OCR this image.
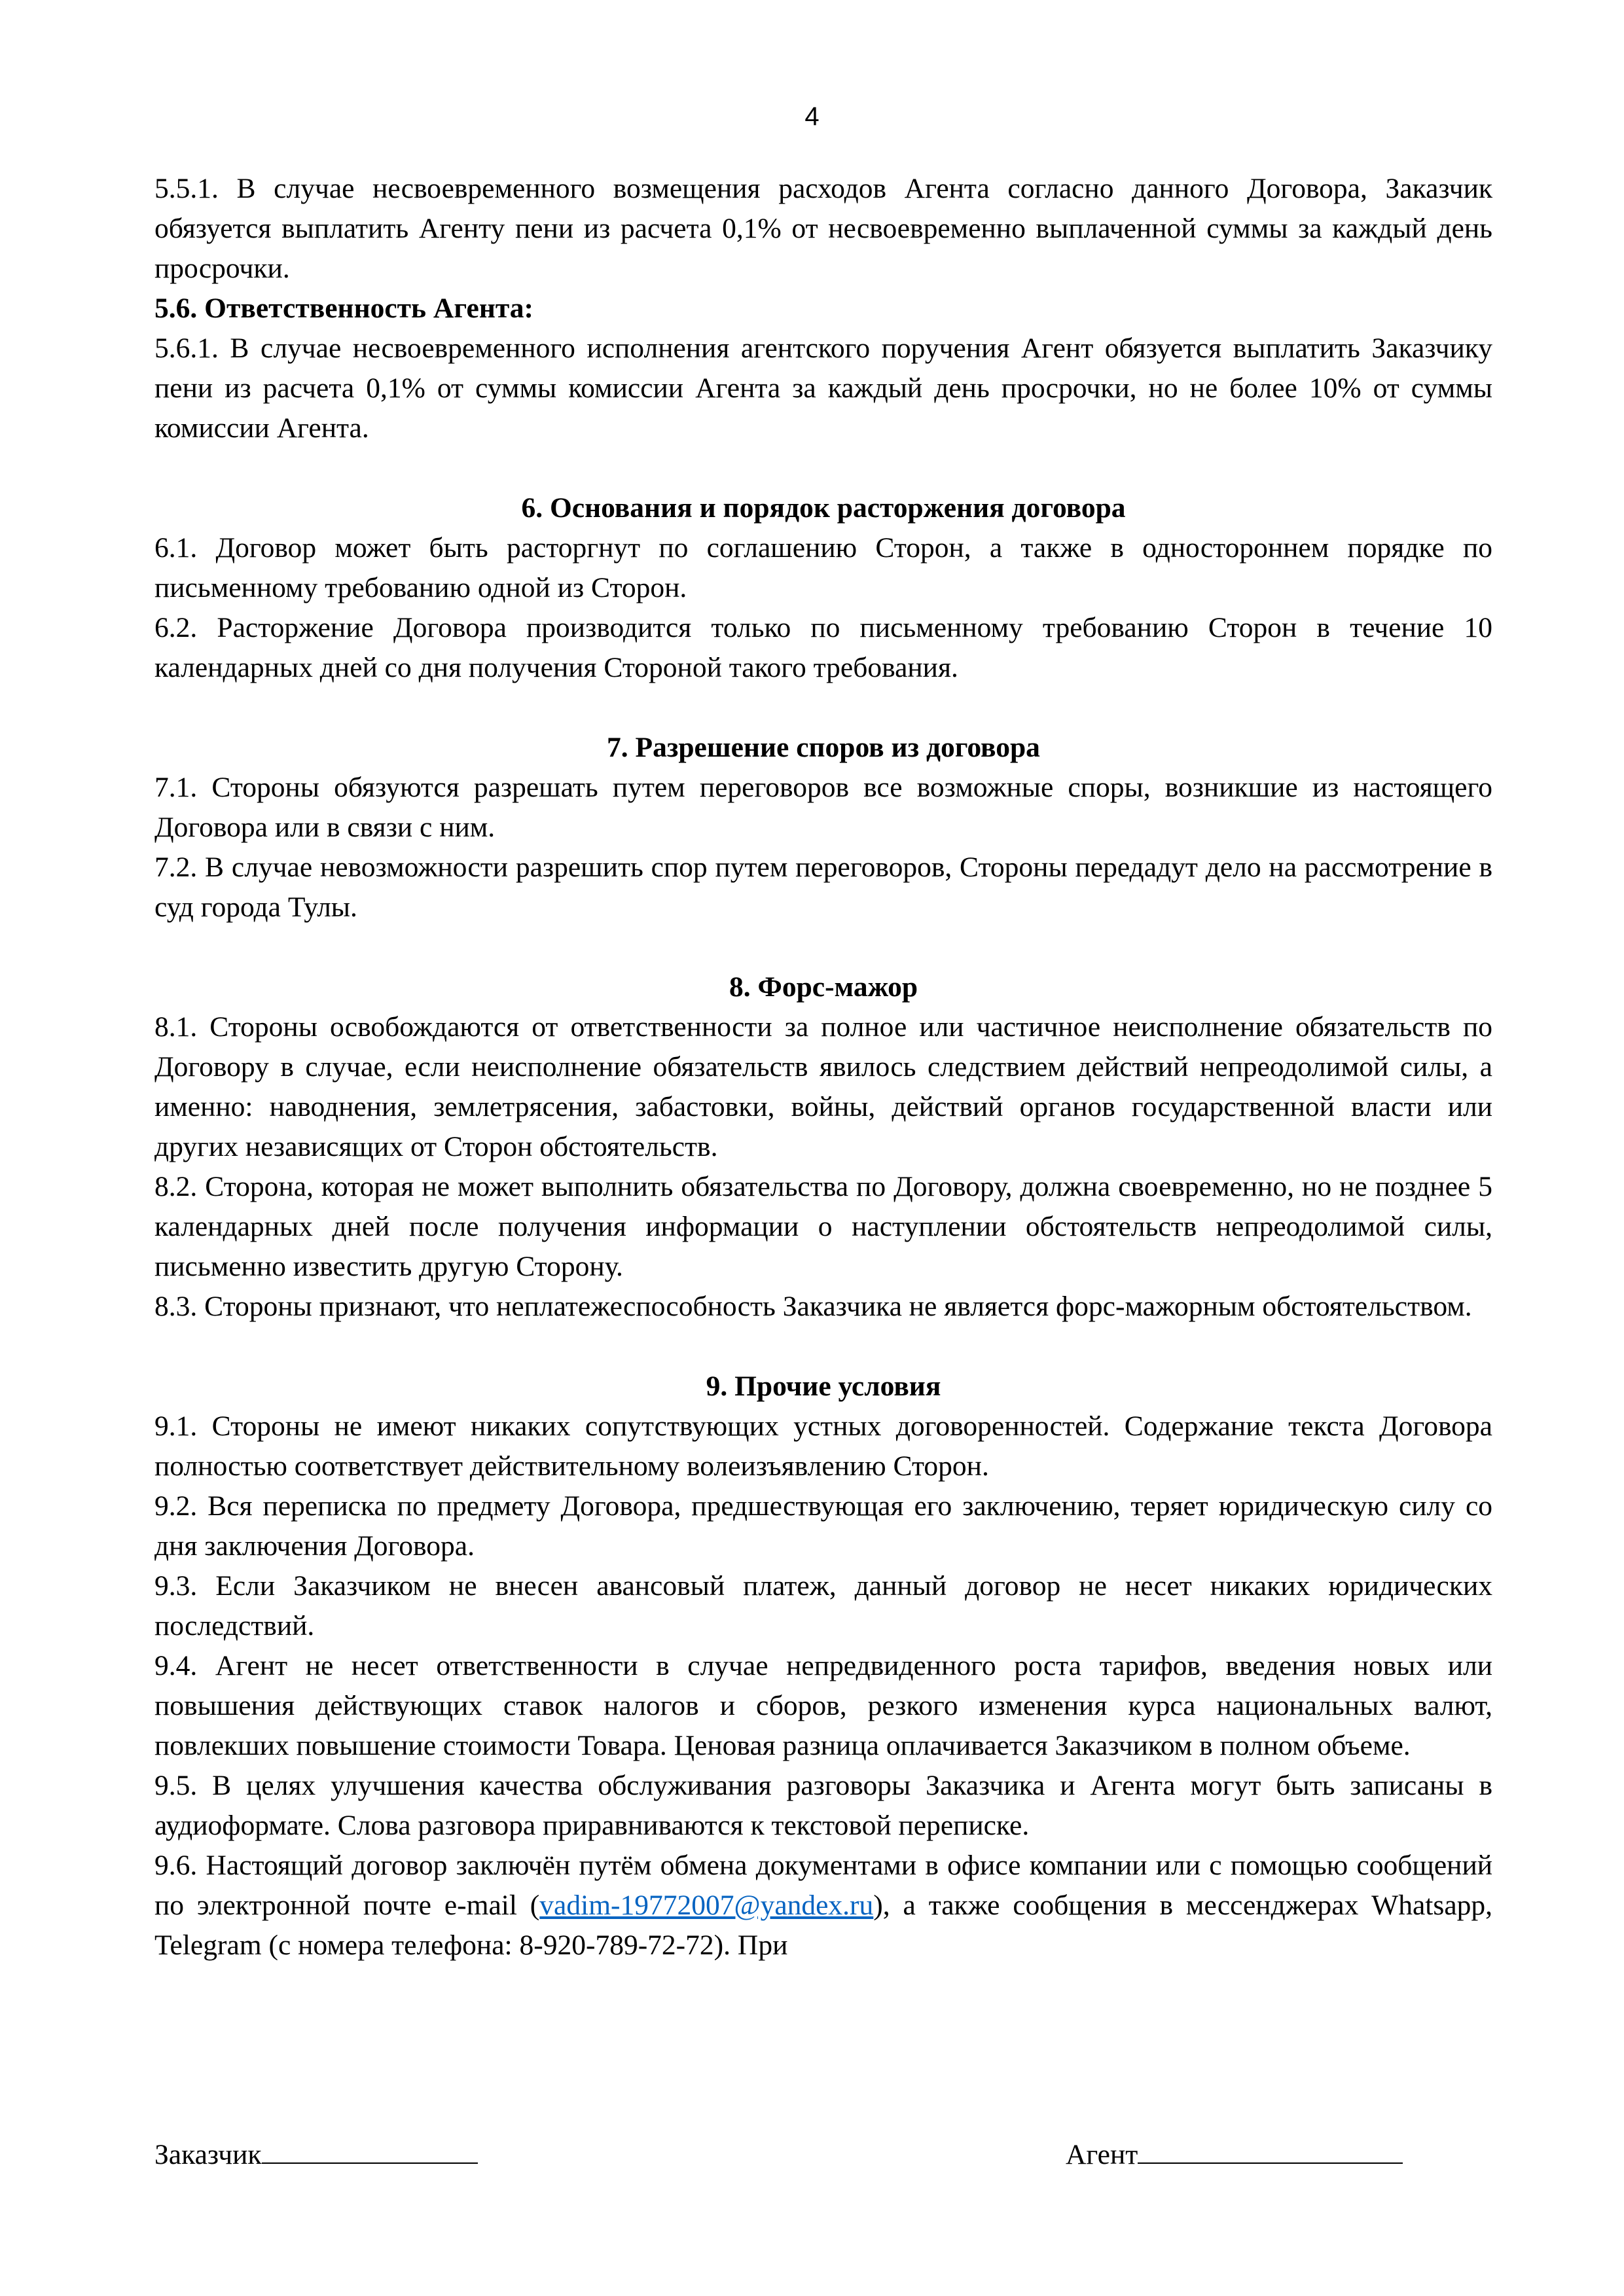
4

5.5.1. В случае несвоевременного возмещения расходов Агента согласно данного Договора, Заказчик обязуется выплатить Агенту пени из расчета 0,1% от несвоевременно выплаченной суммы за каждый день просрочки.

5.6. Ответственность Агента:

5.6.1. В случае несвоевременного исполнения агентского поручения Агент обязуется выплатить Заказчику пени из расчета 0,1% от суммы комиссии Агента за каждый день просрочки, но не более 10% от суммы комиссии Агента.

6. Основания и порядок расторжения договора

6.1. Договор может быть расторгнут по соглашению Сторон, а также в одностороннем порядке по письменному требованию одной из Сторон.

6.2. Расторжение Договора производится только по письменному требованию Сторон в течение 10 календарных дней со дня получения Стороной такого требования.

7. Разрешение споров из договора

7.1. Стороны обязуются разрешать путем переговоров все возможные споры, возникшие из настоящего Договора или в связи с ним.

7.2. В случае невозможности разрешить спор путем переговоров, Стороны передадут дело на рассмотрение в суд города Тулы.

8. Форс-мажор

8.1. Стороны освобождаются от ответственности за полное или частичное неисполнение обязательств по Договору в случае, если неисполнение обязательств явилось следствием действий непреодолимой силы, а именно: наводнения, землетрясения, забастовки, войны, действий органов государственной власти или других независящих от Сторон обстоятельств.

8.2. Сторона, которая не может выполнить обязательства по Договору, должна своевременно, но не позднее 5 календарных дней после получения информации о наступлении обстоятельств непреодолимой силы, письменно известить другую Сторону.

8.3. Стороны признают, что неплатежеспособность Заказчика не является форс-мажорным обстоятельством.

9. Прочие условия

9.1. Стороны не имеют никаких сопутствующих устных договоренностей. Содержание текста Договора полностью соответствует действительному волеизъявлению Сторон.

9.2. Вся переписка по предмету Договора, предшествующая его заключению, теряет юридическую силу со дня заключения Договора.

9.3. Если Заказчиком не внесен авансовый платеж, данный договор не несет никаких юридических последствий.

9.4. Агент не несет ответственности в случае непредвиденного роста тарифов, введения новых или повышения действующих ставок налогов и сборов, резкого изменения курса национальных валют, повлекших повышение стоимости Товара. Ценовая разница оплачивается Заказчиком в полном объеме.

9.5. В целях улучшения качества обслуживания разговоры Заказчика и Агента могут быть записаны в аудиоформате. Слова разговора приравниваются к текстовой переписке.

9.6. Настоящий договор заключён путём обмена документами в офисе компании или с помощью сообщений по электронной почте e-mail (vadim-19772007@yandex.ru), а также сообщения в мессенджерах Whatsapp, Telegram (с номера телефона: 8-920-789-72-72). При

Заказчик	Агент
